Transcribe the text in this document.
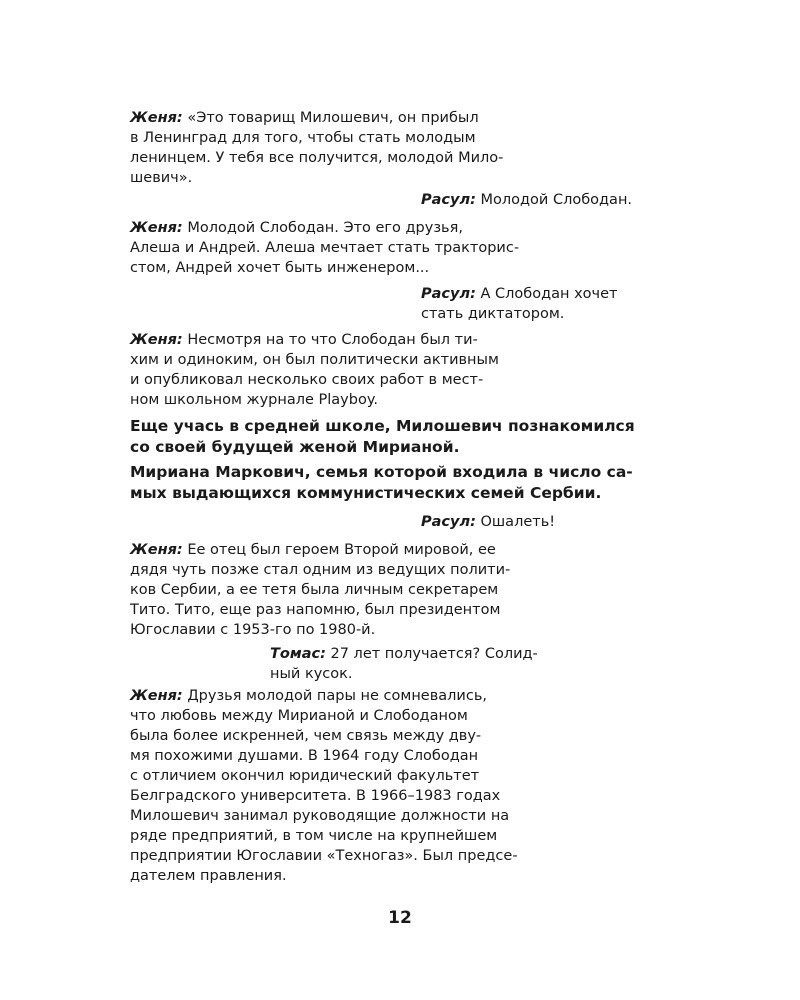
Женя: «Это товарищ Милошевич, он прибыл
в Ленинград для того, чтобы стать молодым
ленинцем. У тебя все получится, молодой Мило-
шевич».
Расул: Молодой Слободан.
Женя: Молодой Слободан. Это его друзья,
Алеша и Андрей. Алеша мечтает стать тракторис-
стом, Андрей хочет быть инженером...
Расул: А Слободан хочет
стать диктатором.
Женя: Несмотря на то что Слободан был ти-
хим и одиноким, он был политически активным
и опубликовал несколько своих работ в мест-
ном школьном журнале Playboy.
Еще учась в средней школе, Милошевич познакомился
со своей будущей женой Мирианой.
Мириана Маркович, семья которой входила в число са-
мых выдающихся коммунистических семей Сербии.
Расул: Ошалеть!
Женя: Ее отец был героем Второй мировой, ее
дядя чуть позже стал одним из ведущих полити-
ков Сербии, а ее тетя была личным секретарем
Тито. Тито, еще раз напомню, был президентом
Югославии с 1953-го по 1980-й.
Томас: 27 лет получается? Солид-
ный кусок.
Женя: Друзья молодой пары не сомневались,
что любовь между Мирианой и Слободаном
была более искренней, чем связь между дву-
мя похожими душами. В 1964 году Слободан
с отличием окончил юридический факультет
Белградского университета. В 1966–1983 годах
Милошевич занимал руководящие должности на
ряде предприятий, в том числе на крупнейшем
предприятии Югославии «Техногаз». Был предсе-
дателем правления.
12
